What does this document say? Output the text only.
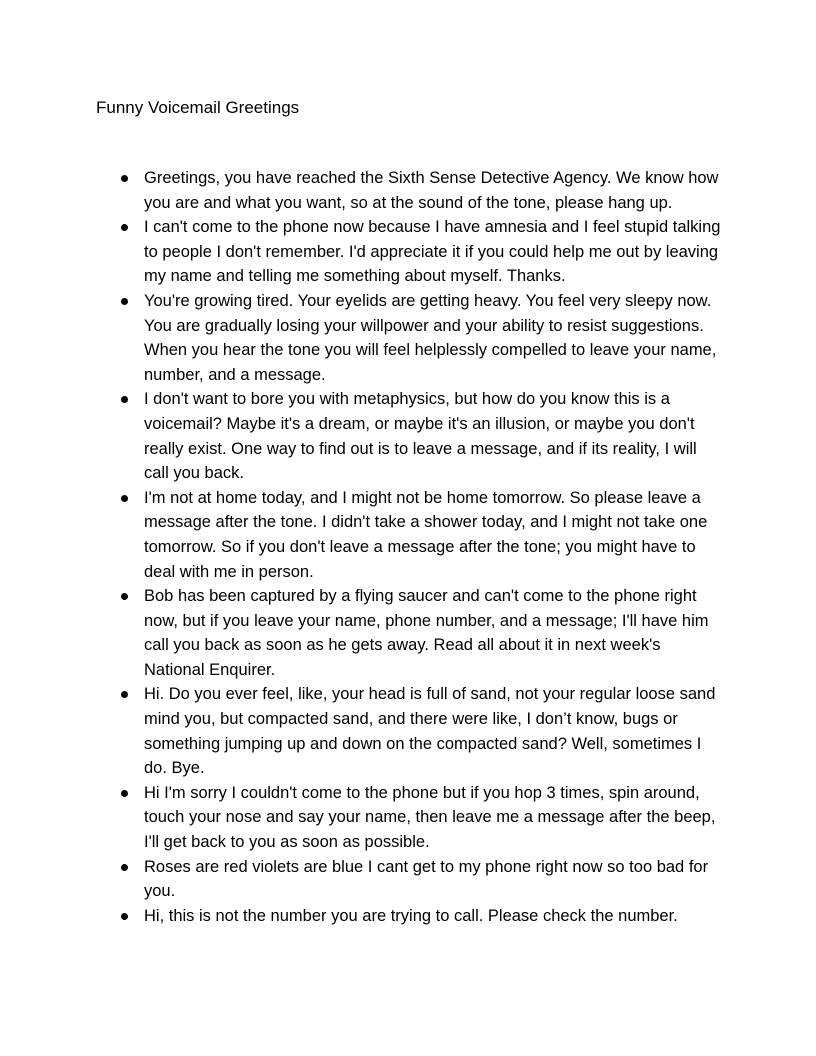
Funny Voicemail Greetings
Greetings, you have reached the Sixth Sense Detective Agency. We know how you are and what you want, so at the sound of the tone, please hang up.
I can't come to the phone now because I have amnesia and I feel stupid talking to people I don't remember. I'd appreciate it if you could help me out by leaving my name and telling me something about myself. Thanks.
You're growing tired. Your eyelids are getting heavy. You feel very sleepy now. You are gradually losing your willpower and your ability to resist suggestions. When you hear the tone you will feel helplessly compelled to leave your name, number, and a message.
I don't want to bore you with metaphysics, but how do you know this is a voicemail? Maybe it's a dream, or maybe it's an illusion, or maybe you don't really exist. One way to find out is to leave a message, and if its reality, I will call you back.
I'm not at home today, and I might not be home tomorrow. So please leave a message after the tone. I didn't take a shower today, and I might not take one tomorrow. So if you don't leave a message after the tone; you might have to deal with me in person.
Bob has been captured by a flying saucer and can't come to the phone right now, but if you leave your name, phone number, and a message; I'll have him call you back as soon as he gets away. Read all about it in next week's National Enquirer.
Hi. Do you ever feel, like, your head is full of sand, not your regular loose sand mind you, but compacted sand, and there were like, I don’t know, bugs or something jumping up and down on the compacted sand? Well, sometimes I do. Bye.
Hi I'm sorry I couldn't come to the phone but if you hop 3 times, spin around, touch your nose and say your name, then leave me a message after the beep, I'll get back to you as soon as possible.
Roses are red violets are blue I cant get to my phone right now so too bad for you.
Hi, this is not the number you are trying to call. Please check the number.
